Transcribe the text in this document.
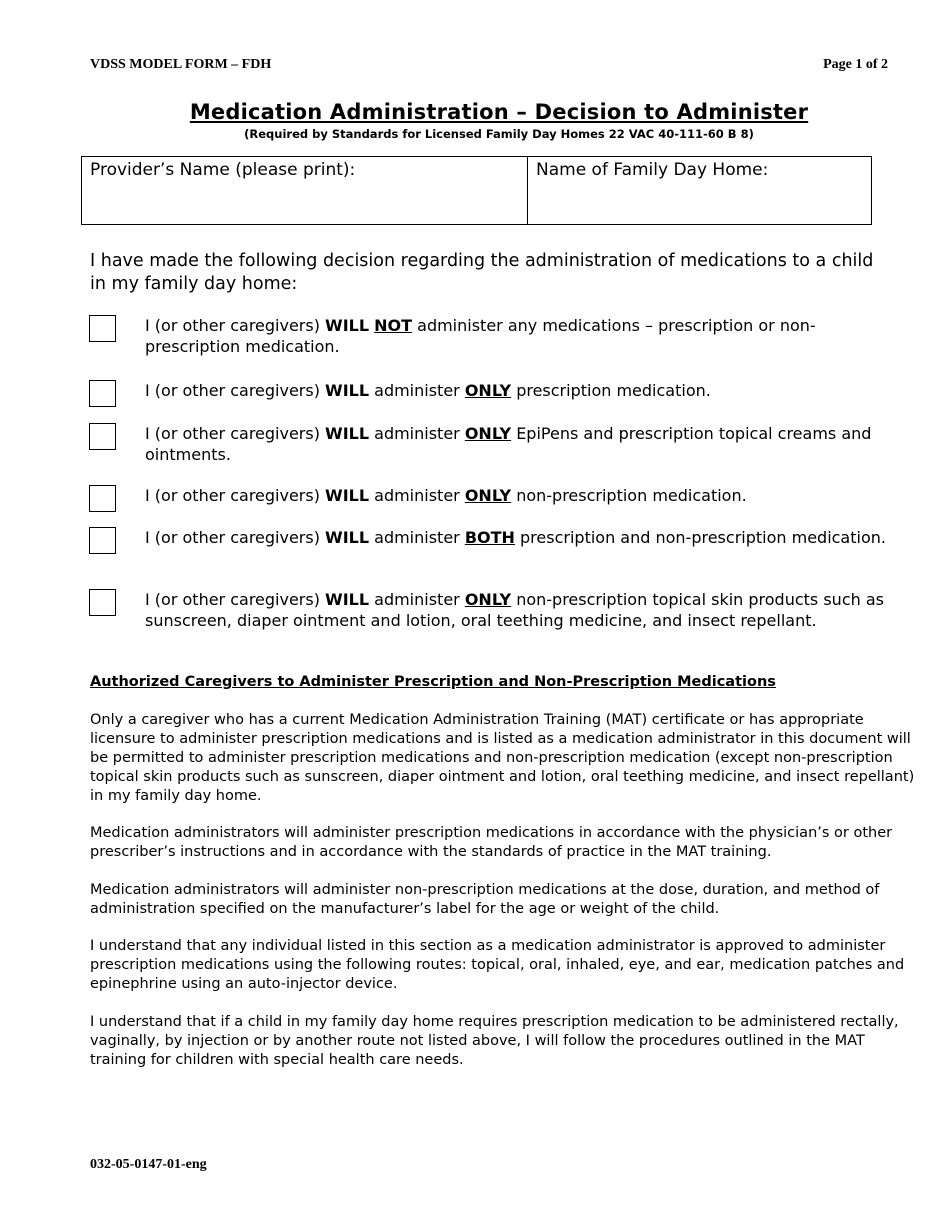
VDSS MODEL FORM – FDH	Page 1 of 2
Medication Administration – Decision to Administer
(Required by Standards for Licensed Family Day Homes 22 VAC 40-111-60 B 8)
Provider’s Name (please print):	Name of Family Day Home:
I have made the following decision regarding the administration of medications to a child in my family day home:
I (or other caregivers) WILL NOT administer any medications – prescription or non-prescription medication.
I (or other caregivers) WILL administer ONLY prescription medication.
I (or other caregivers) WILL administer ONLY EpiPens and prescription topical creams and ointments.
I (or other caregivers) WILL administer ONLY non-prescription medication.
I (or other caregivers) WILL administer BOTH prescription and non-prescription medication.
I (or other caregivers) WILL administer ONLY non-prescription topical skin products such as sunscreen, diaper ointment and lotion, oral teething medicine, and insect repellant.
Authorized Caregivers to Administer Prescription and Non-Prescription Medications
Only a caregiver who has a current Medication Administration Training (MAT) certificate or has appropriate licensure to administer prescription medications and is listed as a medication administrator in this document will be permitted to administer prescription medications and non-prescription medication (except non-prescription topical skin products such as sunscreen, diaper ointment and lotion, oral teething medicine, and insect repellant) in my family day home.
Medication administrators will administer prescription medications in accordance with the physician’s or other prescriber’s instructions and in accordance with the standards of practice in the MAT training.
Medication administrators will administer non-prescription medications at the dose, duration, and method of administration specified on the manufacturer’s label for the age or weight of the child.
I understand that any individual listed in this section as a medication administrator is approved to administer prescription medications using the following routes: topical, oral, inhaled, eye, and ear, medication patches and epinephrine using an auto-injector device.
I understand that if a child in my family day home requires prescription medication to be administered rectally, vaginally, by injection or by another route not listed above, I will follow the procedures outlined in the MAT training for children with special health care needs.
032-05-0147-01-eng
